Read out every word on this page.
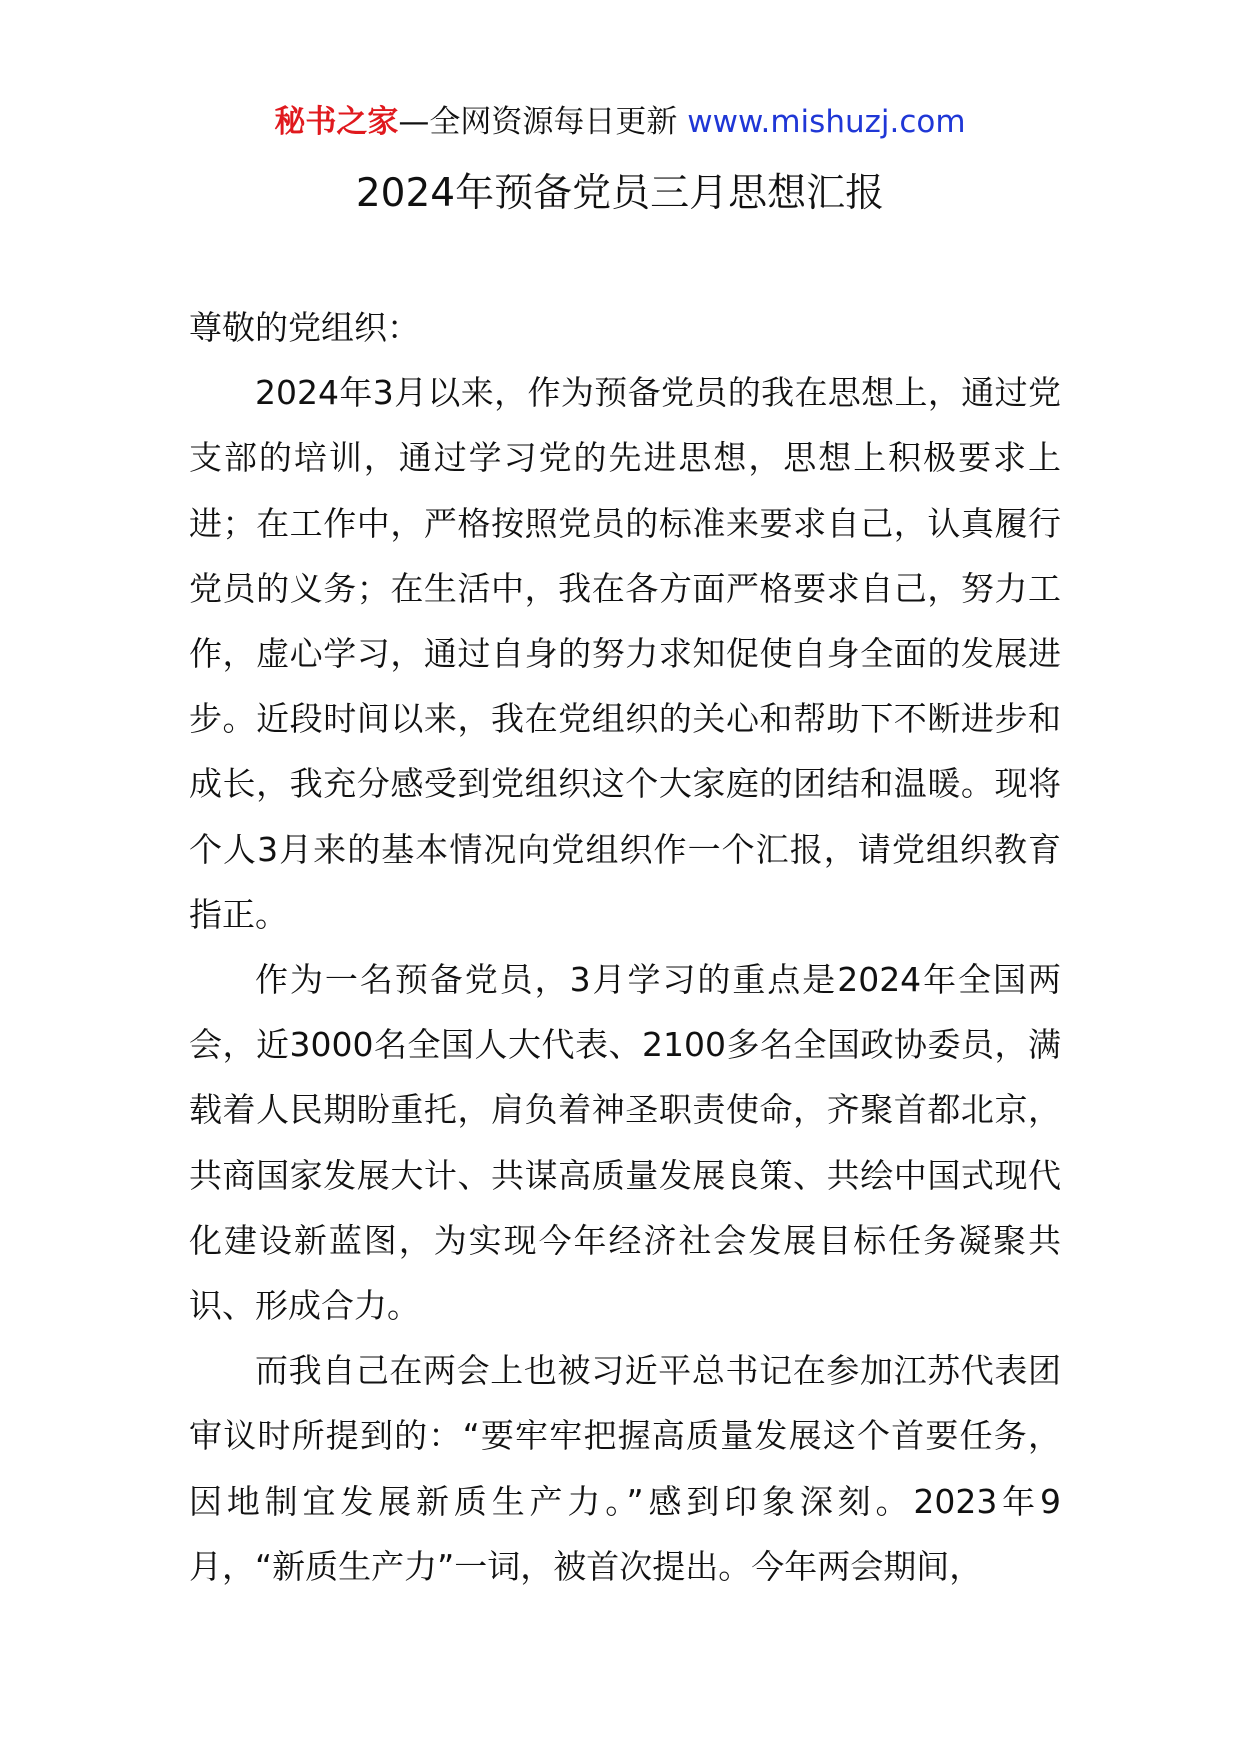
秘书之家—全网资源每日更新 www.mishuzj.com
2024年预备党员三月思想汇报

尊敬的党组织：

2024年3月以来，作为预备党员的我在思想上，通过党支部的培训，通过学习党的先进思想，思想上积极要求上进；在工作中，严格按照党员的标准来要求自己，认真履行党员的义务；在生活中，我在各方面严格要求自己，努力工作，虚心学习，通过自身的努力求知促使自身全面的发展进步。近段时间以来，我在党组织的关心和帮助下不断进步和成长，我充分感受到党组织这个大家庭的团结和温暖。现将个人3月来的基本情况向党组织作一个汇报，请党组织教育指正。

作为一名预备党员，3月学习的重点是2024年全国两会，近3000名全国人大代表、2100多名全国政协委员，满载着人民期盼重托，肩负着神圣职责使命，齐聚首都北京，共商国家发展大计、共谋高质量发展良策、共绘中国式现代化建设新蓝图，为实现今年经济社会发展目标任务凝聚共识、形成合力。

而我自己在两会上也被习近平总书记在参加江苏代表团审议时所提到的：“要牢牢把握高质量发展这个首要任务，因地制宜发展新质生产力。”感到印象深刻。2023年9月，“新质生产力”一词，被首次提出。今年两会期间，
